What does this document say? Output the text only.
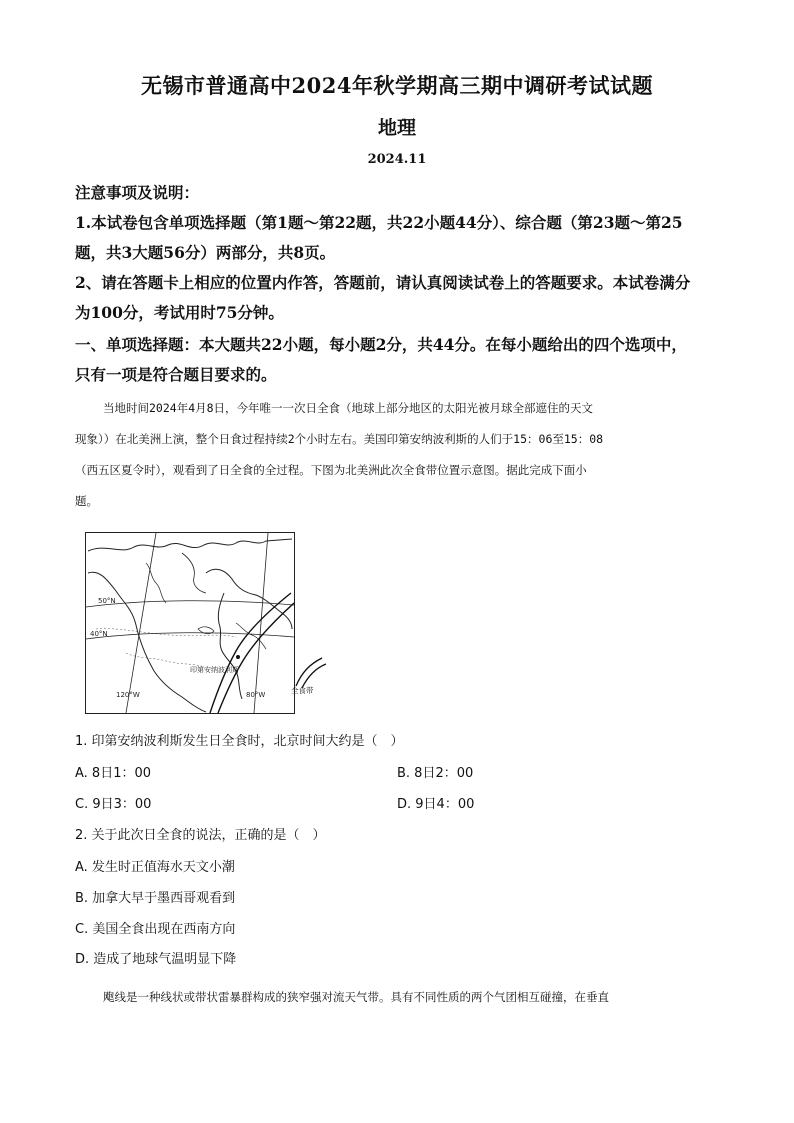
无锡市普通高中2024年秋学期高三期中调研考试试题
地理
2024.11
注意事项及说明：
1.本试卷包含单项选择题（第1题～第22题，共22小题44分）、综合题（第23题～第25
题，共3大题56分）两部分，共8页。
2、请在答题卡上相应的位置内作答，答题前，请认真阅读试卷上的答题要求。本试卷满分
为100分，考试用时75分钟。
一、单项选择题：本大题共22小题，每小题2分，共44分。在每小题给出的四个选项中，
只有一项是符合题目要求的。
当地时间2024年4月8日，今年唯一一次日全食（地球上部分地区的太阳光被月球全部遮住的天文
现象））在北美洲上演，整个日食过程持续2个小时左右。美国印第安纳波利斯的人们于15：06至15：08
（西五区夏令时），观看到了日全食的全过程。下图为北美洲此次全食带位置示意图。据此完成下面小
题。
50°N
40°N
120°W	80°W
印第安纳波利斯
全食带
1. 印第安纳波利斯发生日全食时，北京时间大约是（　）
A. 8日1：00	B. 8日2：00
C. 9日3：00	D. 9日4：00
2. 关于此次日全食的说法，正确的是（　）
A. 发生时正值海水天文小潮
B. 加拿大早于墨西哥观看到
C. 美国全食出现在西南方向
D. 造成了地球气温明显下降
飑线是一种线状或带状雷暴群构成的狭窄强对流天气带。具有不同性质的两个气团相互碰撞，在垂直
